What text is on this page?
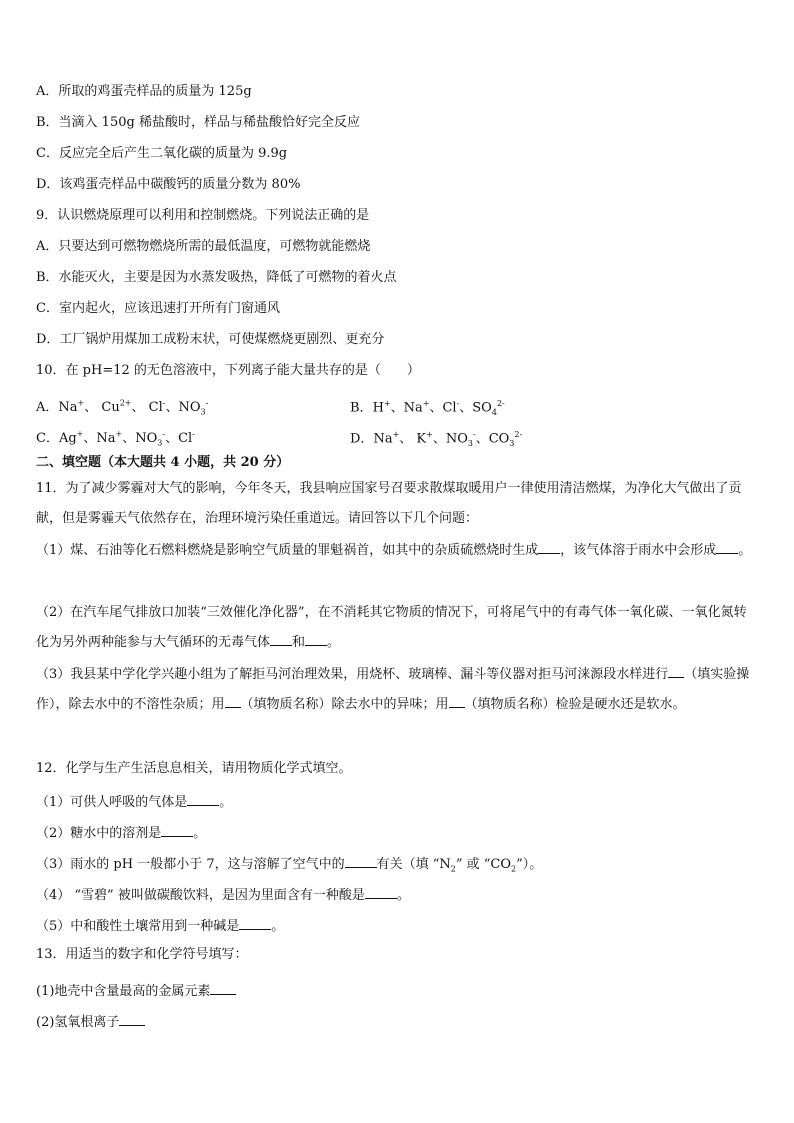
A．所取的鸡蛋壳样品的质量为 125g
B．当滴入 150g 稀盐酸时，样品与稀盐酸恰好完全反应
C．反应完全后产生二氧化碳的质量为 9.9g
D．该鸡蛋壳样品中碳酸钙的质量分数为 80%
9．认识燃烧原理可以利用和控制燃烧。下列说法正确的是
A．只要达到可燃物燃烧所需的最低温度，可燃物就能燃烧
B．水能灭火，主要是因为水蒸发吸热，降低了可燃物的着火点
C．室内起火，应该迅速打开所有门窗通风
D．工厂锅炉用煤加工成粉末状，可使煤燃烧更剧烈、更充分
10．在 pH=12 的无色溶液中，下列离子能大量共存的是（　　）
A．Na+、 $Cu^{2+}$、 Cl-、$NO_3^-$	B．H+、Na+、Cl-、$SO_4^{2-}$
C．Ag+、Na+、$NO_3^-$、Cl-	D．Na+、 K+、$NO_3^-$、$CO_3^{2-}$
二、填空题（本大题共 4 小题，共 20 分）
11．为了减少雾霾对大气的影响，今年冬天，我县响应国家号召要求散煤取暖用户一律使用清洁燃煤，为净化大气做出了贡献，但是雾霾天气依然存在，治理环境污染任重道远。请回答以下几个问题：
（1）煤、石油等化石燃料燃烧是影响空气质量的罪魁祸首，如其中的杂质硫燃烧时生成 ，该气体溶于雨水中会形成 。
（2）在汽车尾气排放口加装“三效催化净化器”，在不消耗其它物质的情况下，可将尾气中的有毒气体一氧化碳、一氧化氮转化为另外两种能参与大气循环的无毒气体 和 。
（3）我县某中学化学兴趣小组为了解拒马河治理效果，用烧杯、玻璃棒、漏斗等仪器对拒马河涞源段水样进行 （填实验操作），除去水中的不溶性杂质；用 （填物质名称）除去水中的异味；用 （填物质名称）检验是硬水还是软水。
12．化学与生产生活息息相关，请用物质化学式填空。
（1）可供人呼吸的气体是 。
（2）糖水中的溶剂是 。
（3）雨水的 pH 一般都小于 7，这与溶解了空气中的 有关（填 “$N_2$” 或 “$CO_2$”）。
（4） “雪碧” 被叫做碳酸饮料，是因为里面含有一种酸是 。
（5）中和酸性土壤常用到一种碱是 。
13．用适当的数字和化学符号填写：
(1)地壳中含量最高的金属元素
(2)氢氧根离子
